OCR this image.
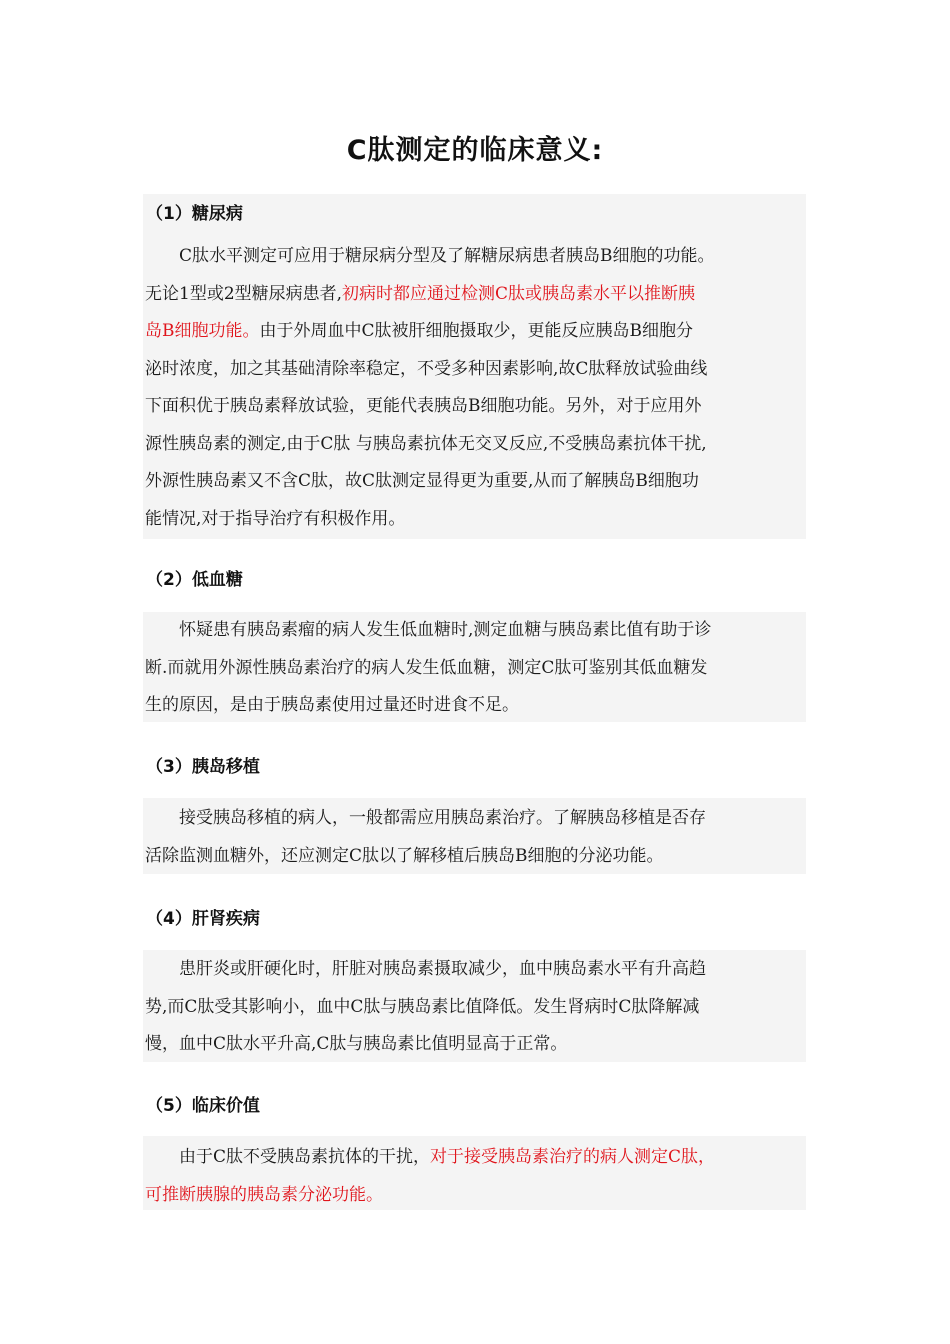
C肽测定的临床意义:
（1）糖尿病
　　C肽水平测定可应用于糖尿病分型及了解糖尿病患者胰岛B细胞的功能。
无论1型或2型糖尿病患者,初病时都应通过检测C肽或胰岛素水平以推断胰
岛B细胞功能。由于外周血中C肽被肝细胞摄取少，更能反应胰岛B细胞分
泌时浓度，加之其基础清除率稳定，不受多种因素影响,故C肽释放试验曲线
下面积优于胰岛素释放试验，更能代表胰岛B细胞功能。另外，对于应用外
源性胰岛素的测定,由于C肽 与胰岛素抗体无交叉反应,不受胰岛素抗体干扰,
外源性胰岛素又不含C肽，故C肽测定显得更为重要,从而了解胰岛B细胞功
能情况,对于指导治疗有积极作用。
（2）低血糖
　　怀疑患有胰岛素瘤的病人发生低血糖时,测定血糖与胰岛素比值有助于诊
断.而就用外源性胰岛素治疗的病人发生低血糖，测定C肽可鉴别其低血糖发
生的原因，是由于胰岛素使用过量还时进食不足。
（3）胰岛移植
　　接受胰岛移植的病人，一般都需应用胰岛素治疗。了解胰岛移植是否存
活除监测血糖外，还应测定C肽以了解移植后胰岛B细胞的分泌功能。
（4）肝肾疾病
　　患肝炎或肝硬化时，肝脏对胰岛素摄取减少，血中胰岛素水平有升高趋
势,而C肽受其影响小，血中C肽与胰岛素比值降低。发生肾病时C肽降解减
慢，血中C肽水平升高,C肽与胰岛素比值明显高于正常。
（5）临床价值
　　由于C肽不受胰岛素抗体的干扰，对于接受胰岛素治疗的病人测定C肽，
可推断胰腺的胰岛素分泌功能。
